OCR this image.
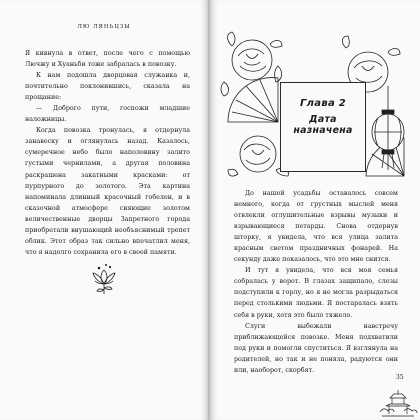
ЛЮ ЛЯНЬЦЗЫ

Я кивнула в ответ, после чего с помощью Лючжу и Хуаньби тоже забралась в повозку.

К нам подошла дворцовая служанка и, почтительно поклонившись, сказала на прощание:

— Доброго пути, госпожи младшие наложницы.

Когда повозка тронулась, я отдернула занавеску и оглянулась назад. Казалось, сумеречное небо было наполовину залито густыми чернилами, а другая половина раскрашена закатными красками: от пурпурного до золотого. Эта картина напоминала длинный красочный гобелен, и в сказочной атмосфере сияющие золотом величественные дворцы Запретного города приобретали внушающий необъяснимый трепет облик. Этот образ так сильно впечатлил меня, что я надолго сохранила его в своей памяти.

Глава 2
Дата назначена

До нашей усадьбы оставалось совсем немного, когда от грустных мыслей меня отвлекли оглушительные взрывы музыки и взрывающиеся петарды. Снова отдернув шторку, я увидела, что вся улица залита красным светом праздничных фонарей. На секунду даже показалось, что это мне снится.

И тут я увидела, что вся моя семья собралась у ворот. В глазах защипало, слезы подступили к горлу, но я не могла разрыдаться перед столькими людьми. Я постаралась взять себя в руки, хотя это было тяжело.

Слуги выбежали навстречу приближающейся повозке. Меня подхватили под руки и помогли спуститься. Я взглянула на родителей, но так и не поняла, радуются они или, наоборот, скорбят.

35
